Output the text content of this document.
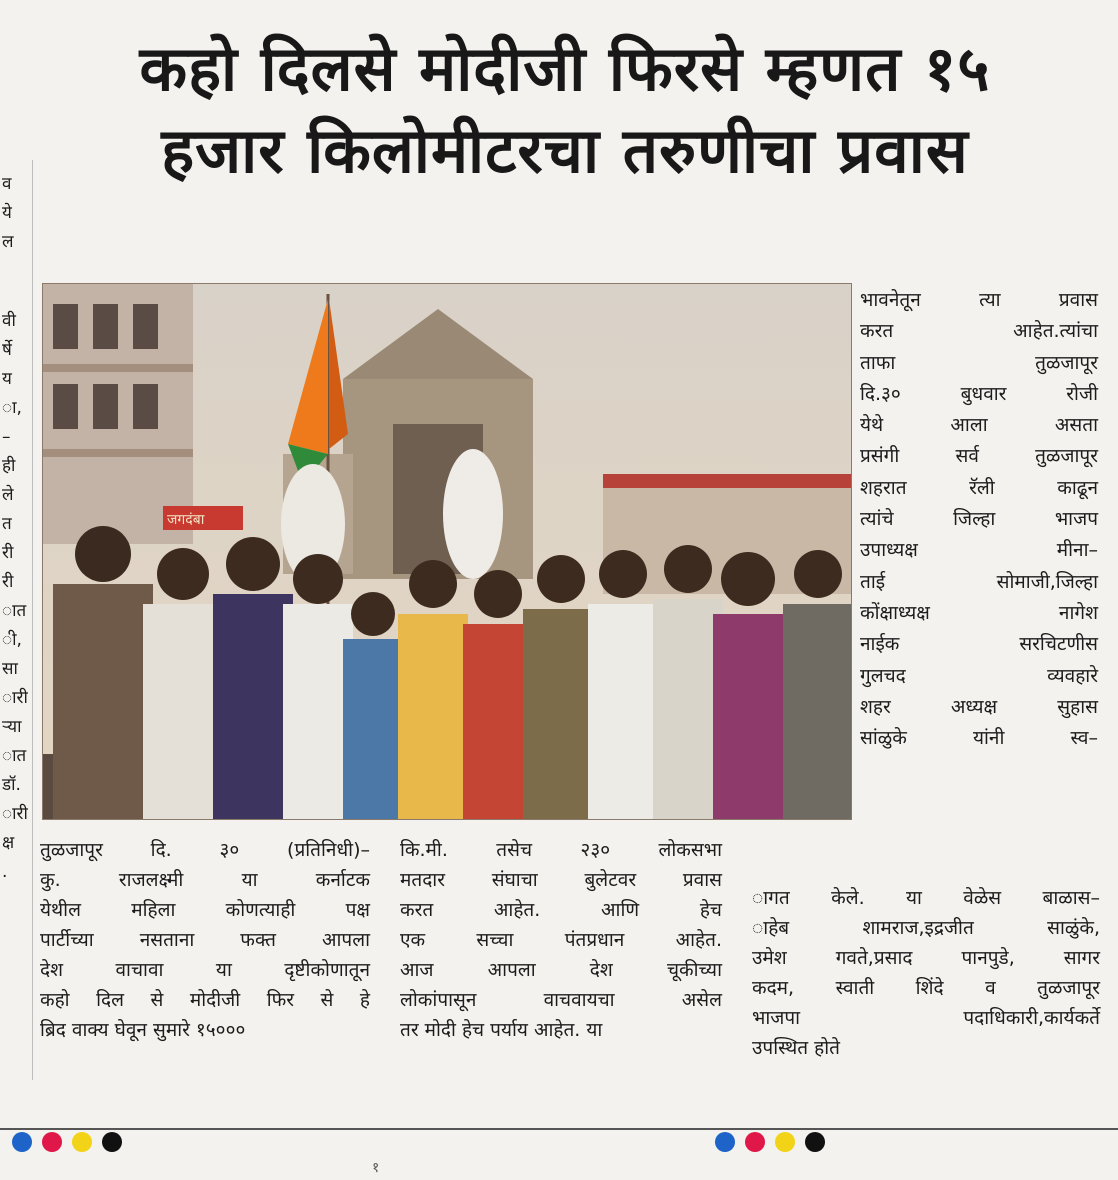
व
ये
ल
वी
र्षे
य
ा,
–
ही
ले
त
री
री
ात
ी,
सा
ारी
ऱ्या
ात
डॉ.
ारी
क्ष
.
कहो दिलसे मोदीजी फिरसे म्हणत १५
हजार किलोमीटरचा तरुणीचा प्रवास
जगदंबा
तुळजापूर दि. ३० (प्रतिनिधी)–
कु. राजलक्ष्मी या कर्नाटक
येथील महिला कोणत्याही पक्ष
पार्टीच्या नसताना फक्त आपला
देश वाचावा या दृष्टीकोणातून
कहो दिल से मोदीजी फिर से हे
ब्रिद वाक्य घेवून सुमारे १५०००
कि.मी. तसेच २३० लोकसभा
मतदार संघाचा बुलेटवर प्रवास
करत आहेत. आणि हेच
एक सच्चा पंतप्रधान आहेत.
आज आपला देश चूकीच्या
लोकांपासून वाचवायचा असेल
तर मोदी हेच पर्याय आहेत. या
भावनेतून त्या प्रवास
करत आहेत.त्यांचा
ताफा तुळजापूर
दि.३० बुधवार रोजी
येथे आला असता
प्रसंगी सर्व तुळजापूर
शहरात रॅली काढून
त्यांचे जिल्हा भाजप
उपाध्यक्ष मीना–
ताई सोमाजी,जिल्हा
कोंक्षाध्यक्ष नागेश
नाईक सरचिटणीस
गुलचद व्यवहारे
शहर अध्यक्ष सुहास
सांळुके यांनी स्व–
ागत केले. या वेळेस बाळास–
ाहेब शामराज,इद्रजीत साळुंके,
उमेश गवते,प्रसाद पानपुडे, सागर
कदम, स्वाती शिंदे व तुळजापूर
भाजपा पदाधिकारी,कार्यकर्ते
उपस्थित होते
१
